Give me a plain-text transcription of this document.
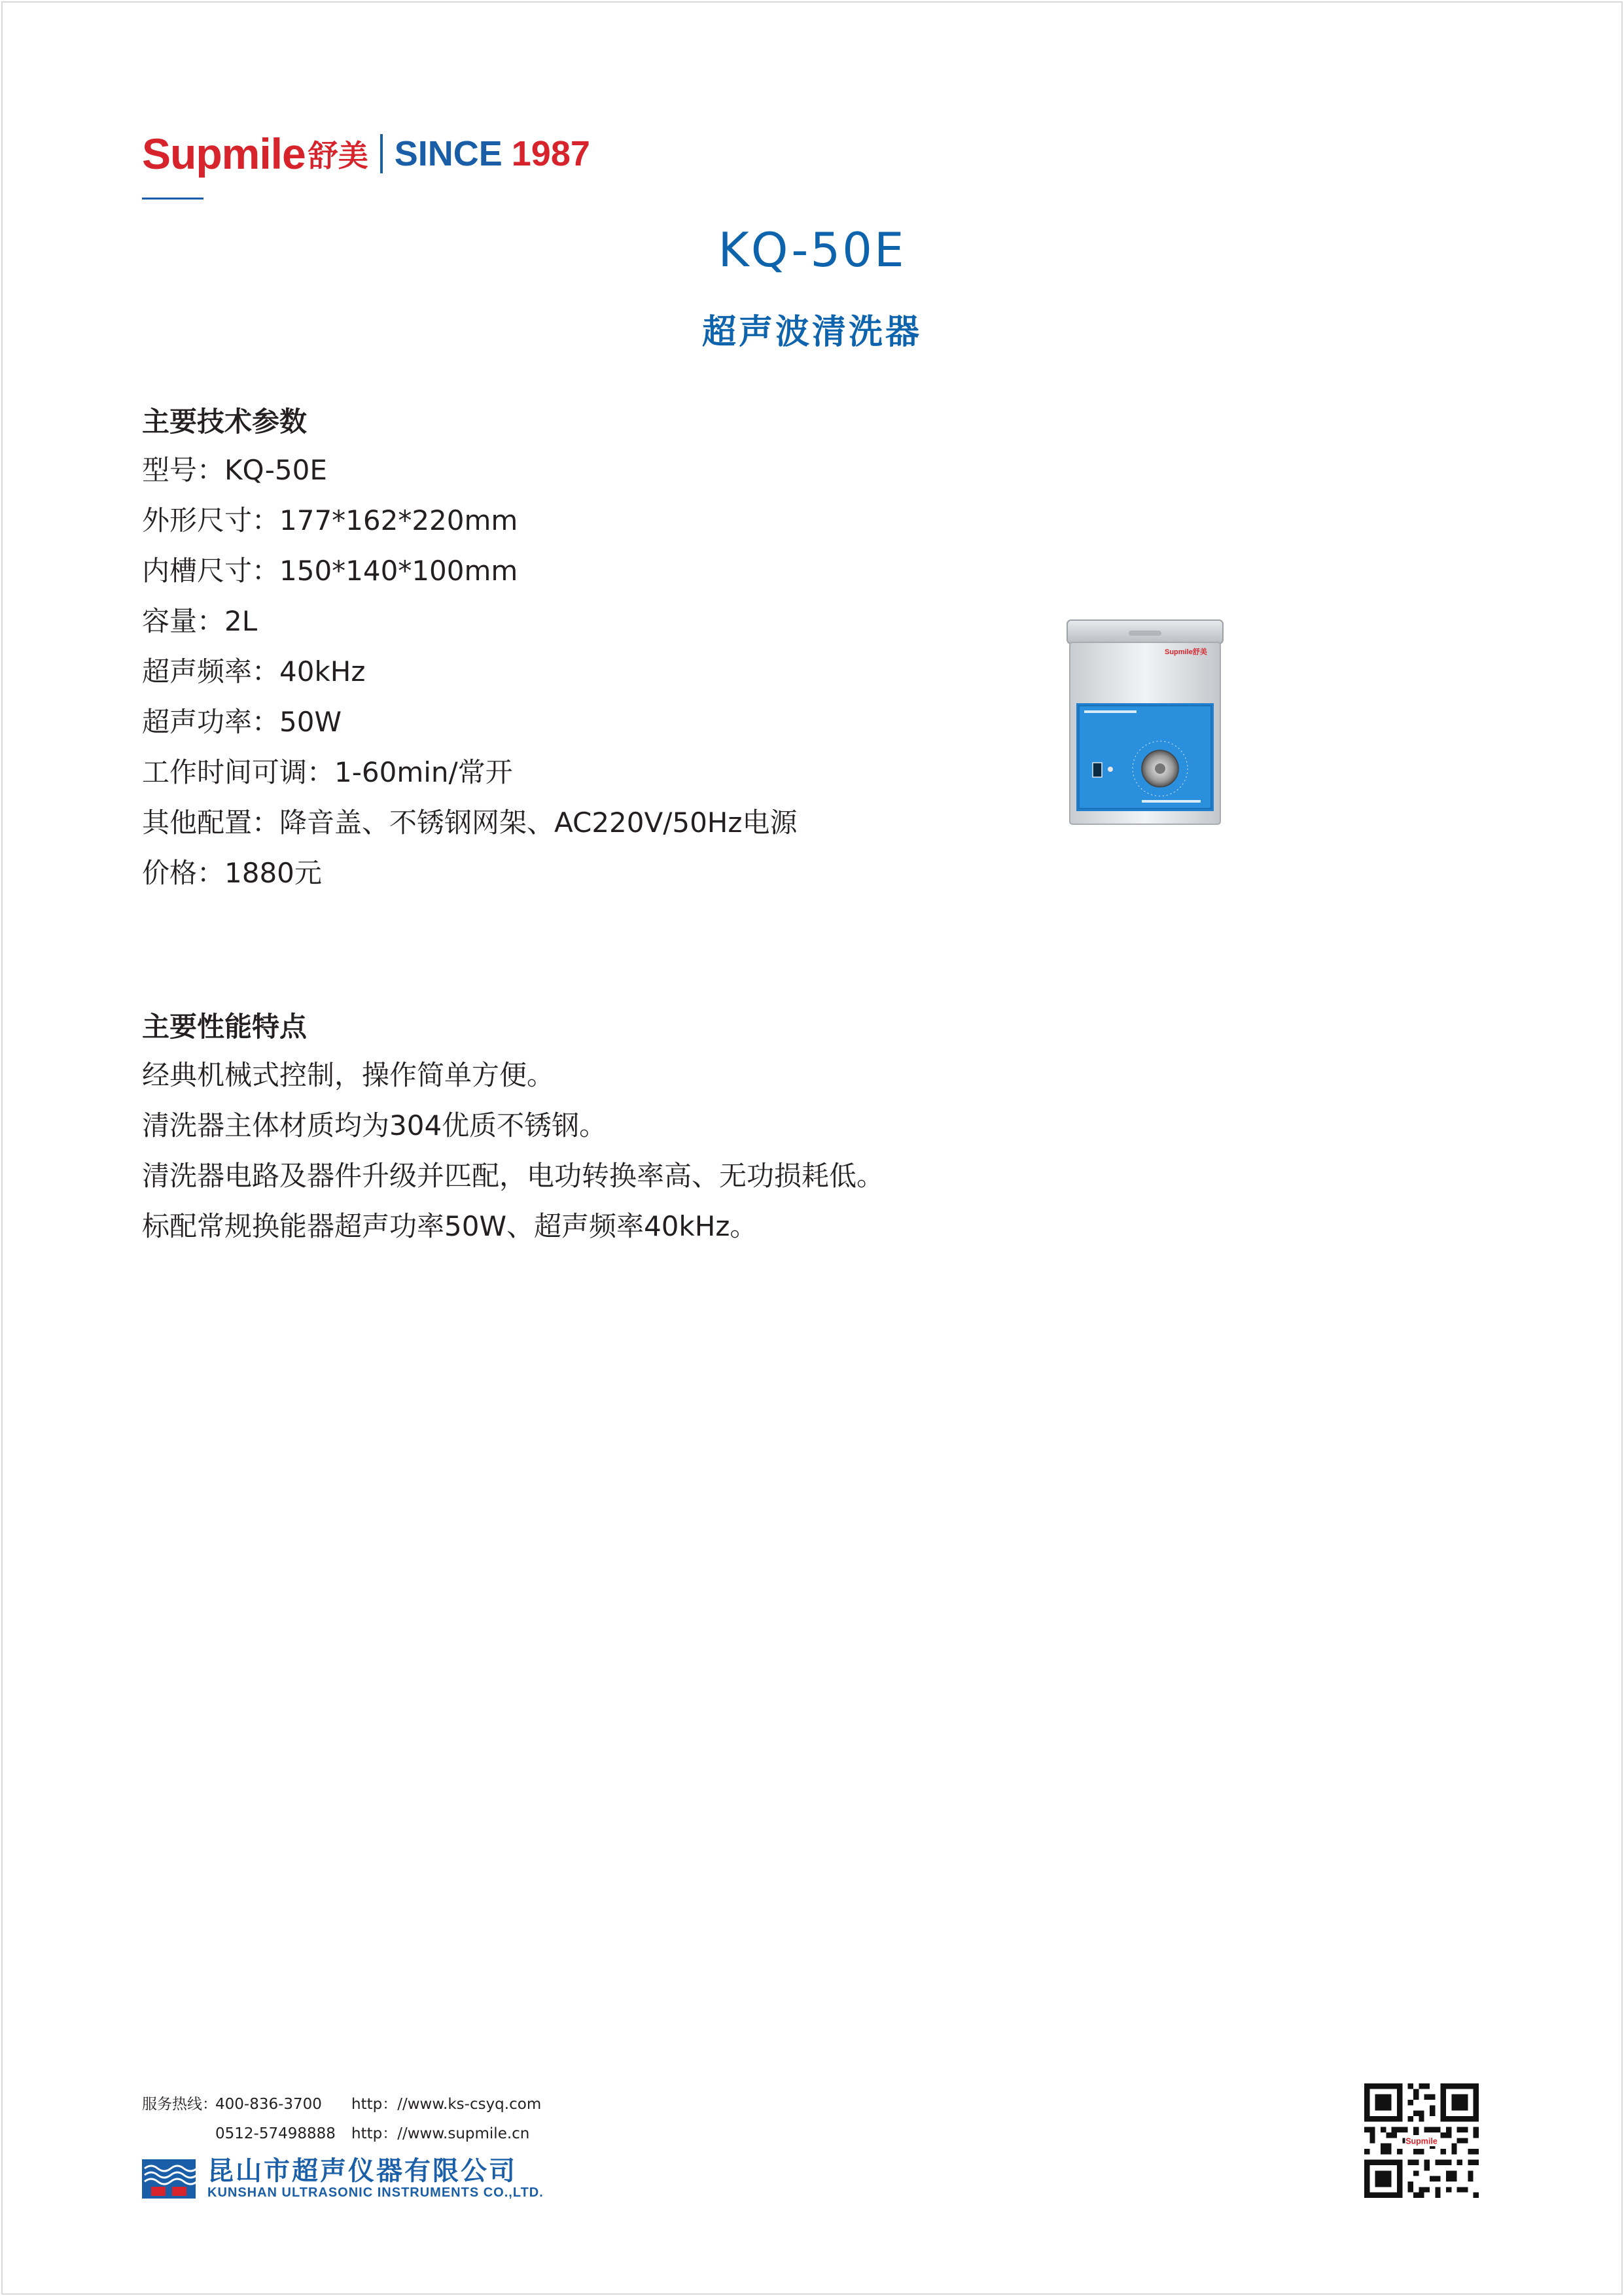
Supmile 舒美 SINCE 1987
KQ-50E
超声波清洗器
主要技术参数
型号：KQ-50E
外形尺寸：177*162*220mm
内槽尺寸：150*140*100mm
容量：2L
超声频率：40kHz
超声功率：50W
工作时间可调：1-60min/常开
其他配置：降音盖、不锈钢网架、AC220V/50Hz电源
价格：1880元
Supmile舒美
主要性能特点
经典机械式控制，操作简单方便。
清洗器主体材质均为304优质不锈钢。
清洗器电路及器件升级并匹配，电功转换率高、无功损耗低。
标配常规换能器超声功率50W、超声频率40kHz。
服务热线：400-836-3700 http：//www.ks-csyq.com
0512-57498888 http：//www.supmile.cn
昆山市超声仪器有限公司
KUNSHAN ULTRASONIC INSTRUMENTS CO.,LTD.
Supmile
